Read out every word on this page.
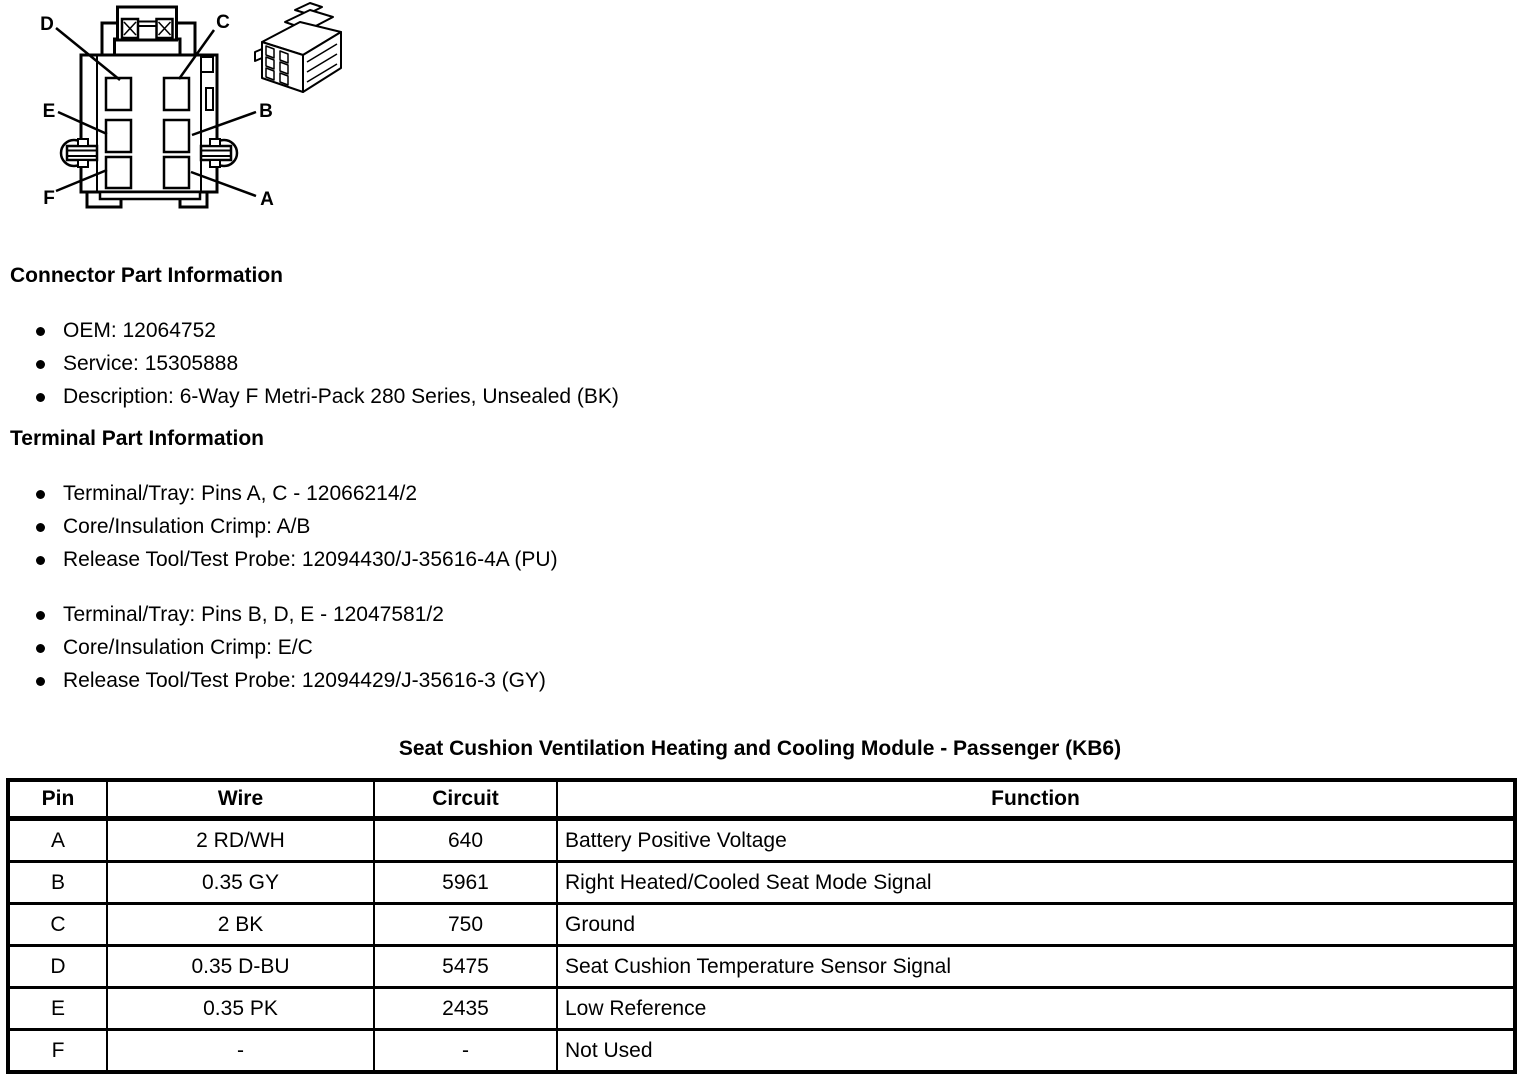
D	C
E	B
F	A
Connector Part Information
OEM: 12064752
Service: 15305888
Description: 6-Way F Metri-Pack 280 Series, Unsealed (BK)
Terminal Part Information
Terminal/Tray: Pins A, C - 12066214/2
Core/Insulation Crimp: A/B
Release Tool/Test Probe: 12094430/J-35616-4A (PU)
Terminal/Tray: Pins B, D, E - 12047581/2
Core/Insulation Crimp: E/C
Release Tool/Test Probe: 12094429/J-35616-3 (GY)
Seat Cushion Ventilation Heating and Cooling Module - Passenger (KB6)
Pin	Wire	Circuit	Function
A	2 RD/WH	640	Battery Positive Voltage
B	0.35 GY	5961	Right Heated/Cooled Seat Mode Signal
C	2 BK	750	Ground
D	0.35 D-BU	5475	Seat Cushion Temperature Sensor Signal
E	0.35 PK	2435	Low Reference
F	-	-	Not Used
